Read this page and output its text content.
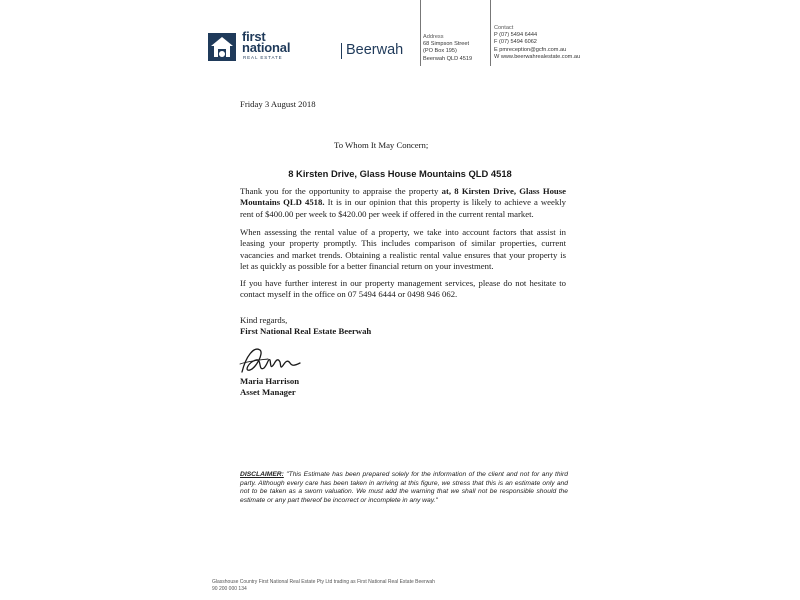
first
national
REAL ESTATE	Beerwah
Address
68 Simpson Street
(PO Box 195)
Beerwah QLD 4519
Contact
P (07) 5494 6444
F (07) 5494 6062
E pmreception@gcfn.com.au
W www.beerwahrealestate.com.au
Friday 3 August 2018
To Whom It May Concern;
8 Kirsten Drive, Glass House Mountains QLD 4518
Thank you for the opportunity to appraise the property at, 8 Kirsten Drive, Glass House Mountains QLD 4518. It is in our opinion that this property is likely to achieve a weekly rent of $400.00 per week to $420.00 per week if offered in the current rental market.
When assessing the rental value of a property, we take into account factors that assist in leasing your property promptly. This includes comparison of similar properties, current vacancies and market trends. Obtaining a realistic rental value ensures that your property is let as quickly as possible for a better financial return on your investment.
If you have further interest in our property management services, please do not hesitate to contact myself in the office on 07 5494 6444 or 0498 946 062.
Kind regards,
First National Real Estate Beerwah
Maria Harrison
Asset Manager
DISCLAIMER: "This Estimate has been prepared solely for the information of the client and not for any third party. Although every care has been taken in arriving at this figure, we stress that this is an estimate only and not to be taken as a sworn valuation. We must add the warning that we shall not be responsible should the estimate or any part thereof be incorrect or incomplete in any way."
Glasshouse Country First National Real Estate Pty Ltd trading as First National Real Estate Beerwah
90 200 000 134
